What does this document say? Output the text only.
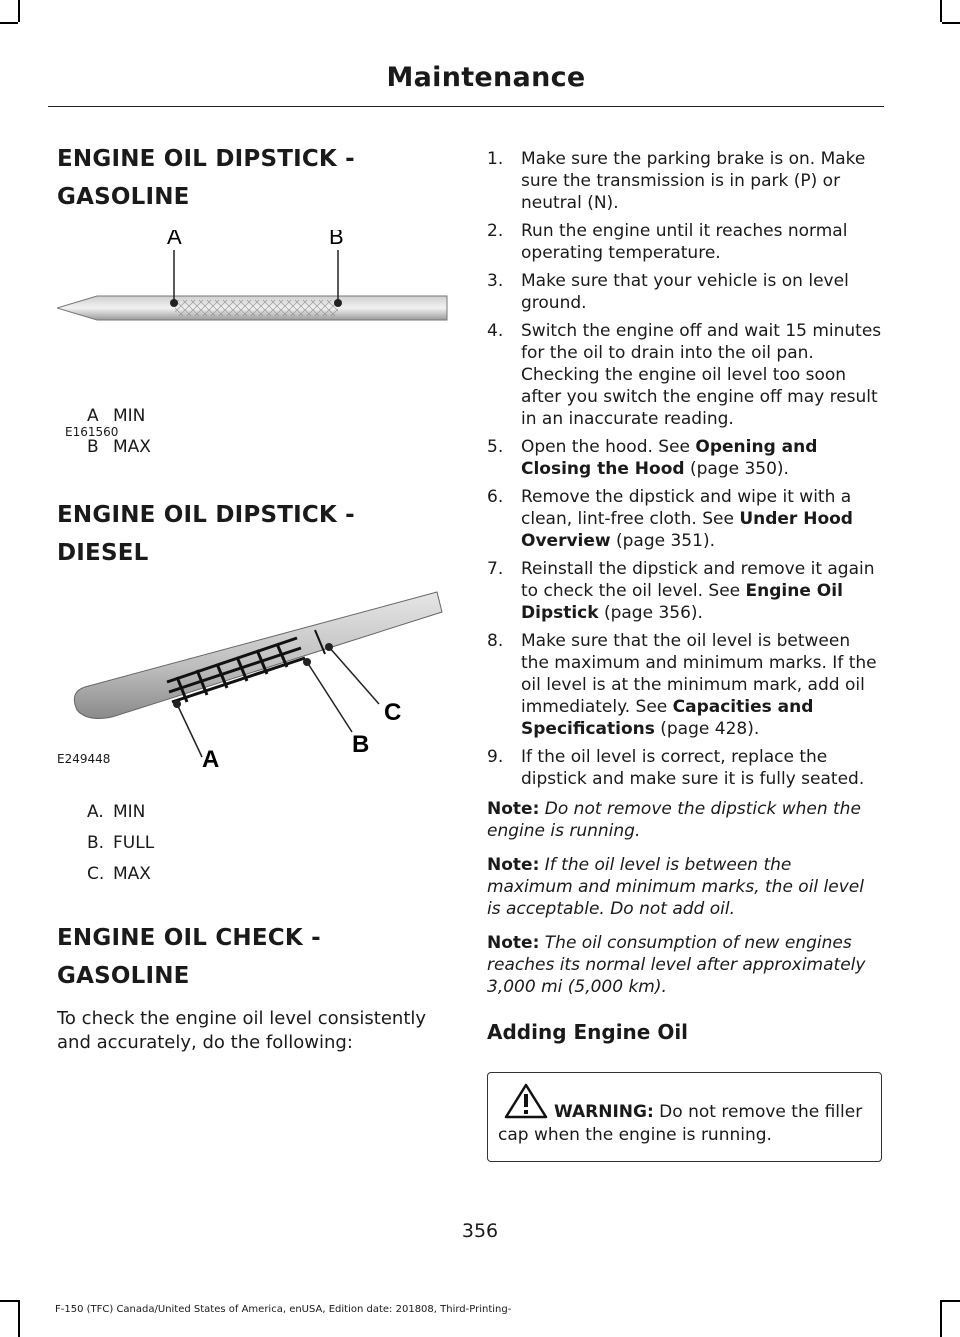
Maintenance
ENGINE OIL DIPSTICK -
GASOLINE
A	B
E161560
A MIN
B MAX
ENGINE OIL DIPSTICK - DIESEL
A
B
C
E249448
A. MIN
B. FULL
C. MAX
ENGINE OIL CHECK -
GASOLINE

To check the engine oil level consistently and accurately, do the following:

1.	Make sure the parking brake is on. Make sure the transmission is in park (P) or neutral (N).
2.	Run the engine until it reaches normal operating temperature.
3.	Make sure that your vehicle is on level ground.
4.	Switch the engine off and wait 15 minutes for the oil to drain into the oil pan. Checking the engine oil level too soon after you switch the engine off may result in an inaccurate reading.
5.	Open the hood. See Opening and Closing the Hood (page 350).
6.	Remove the dipstick and wipe it with a clean, lint-free cloth. See Under Hood Overview (page 351).
7.	Reinstall the dipstick and remove it again to check the oil level. See Engine Oil Dipstick (page 356).
8.	Make sure that the oil level is between the maximum and minimum marks. If the oil level is at the minimum mark, add oil immediately. See Capacities and Specifications (page 428).
9.	If the oil level is correct, replace the dipstick and make sure it is fully seated.

Note: Do not remove the dipstick when the engine is running.

Note: If the oil level is between the maximum and minimum marks, the oil level is acceptable. Do not add oil.

Note: The oil consumption of new engines reaches its normal level after approximately 3,000 mi (5,000 km).

Adding Engine Oil
WARNING: Do not remove the filler cap when the engine is running.
356
F-150 (TFC) Canada/United States of America, enUSA, Edition date: 201808, Third-Printing-
